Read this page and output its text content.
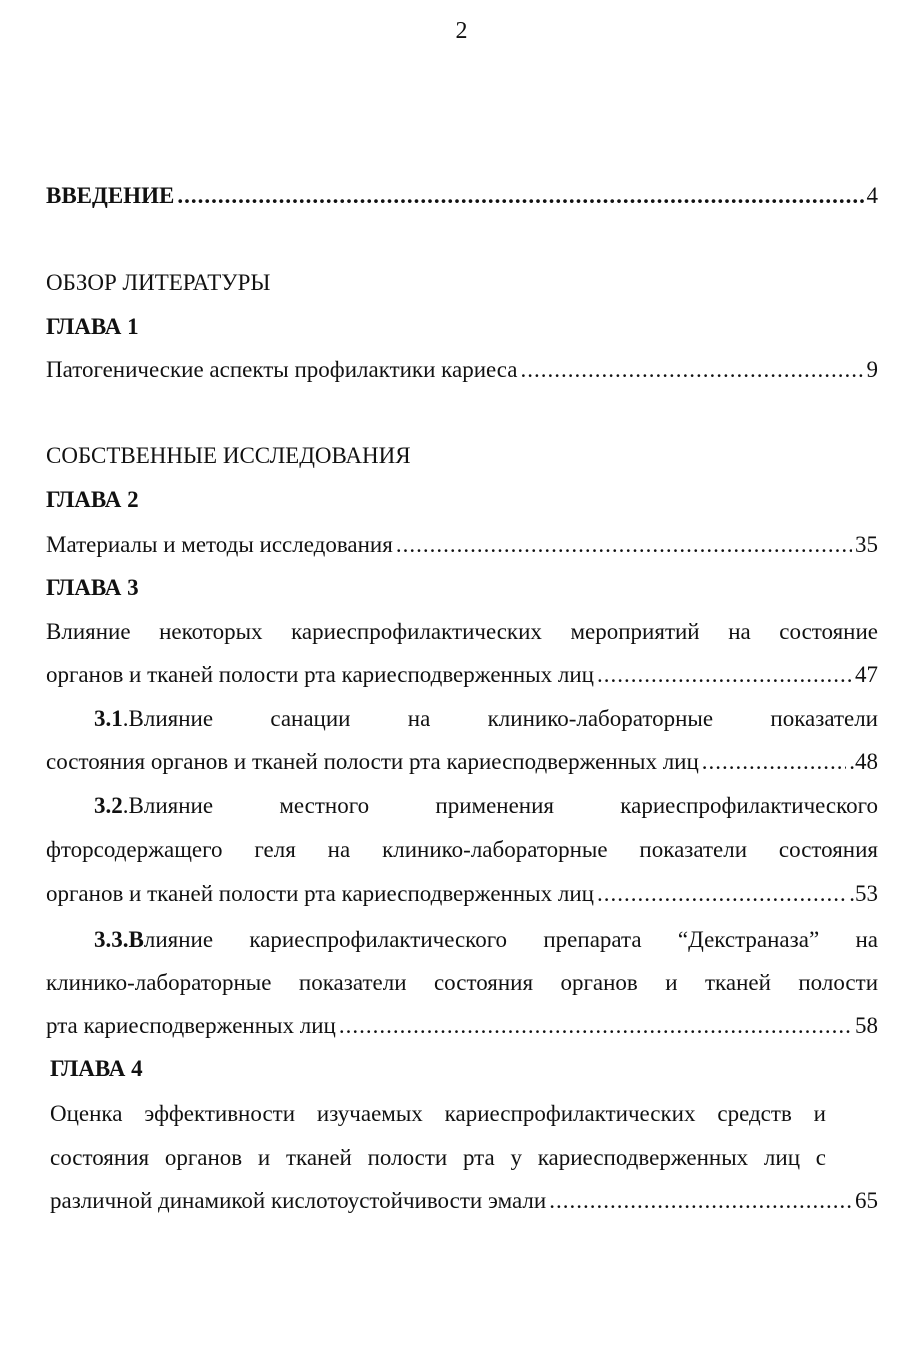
2
ВВЕДЕНИЕ .....	4
ОБЗОР ЛИТЕРАТУРЫ
ГЛАВА 1
Патогенические аспекты профилактики кариеса .....	9
СОБСТВЕННЫЕ ИССЛЕДОВАНИЯ
ГЛАВА 2
Материалы и методы исследования .....	35
ГЛАВА 3
Влияние некоторых кариеспрофилактических мероприятий на состояние
органов и тканей полости рта кариесподверженных лиц .....	47
3.1.Влияние санации на клинико-лабораторные показатели
состояния органов и тканей полости рта кариесподверженных лиц .....	.48
3.2.Влияние местного применения кариеспрофилактического
фторсодержащего геля на клинико-лабораторные показатели состояния
органов и тканей полости рта кариесподверженных лиц .....	.53
3.3.Влияние кариеспрофилактического препарата “Декстраназа” на
клинико-лабораторные показатели состояния органов и тканей полости
рта кариесподверженных лиц .....	58
ГЛАВА 4
Оценка эффективности изучаемых кариеспрофилактических средств и
состояния органов и тканей полости рта у кариесподверженных лиц с
различной динамикой кислотоустойчивости эмали .....	65
